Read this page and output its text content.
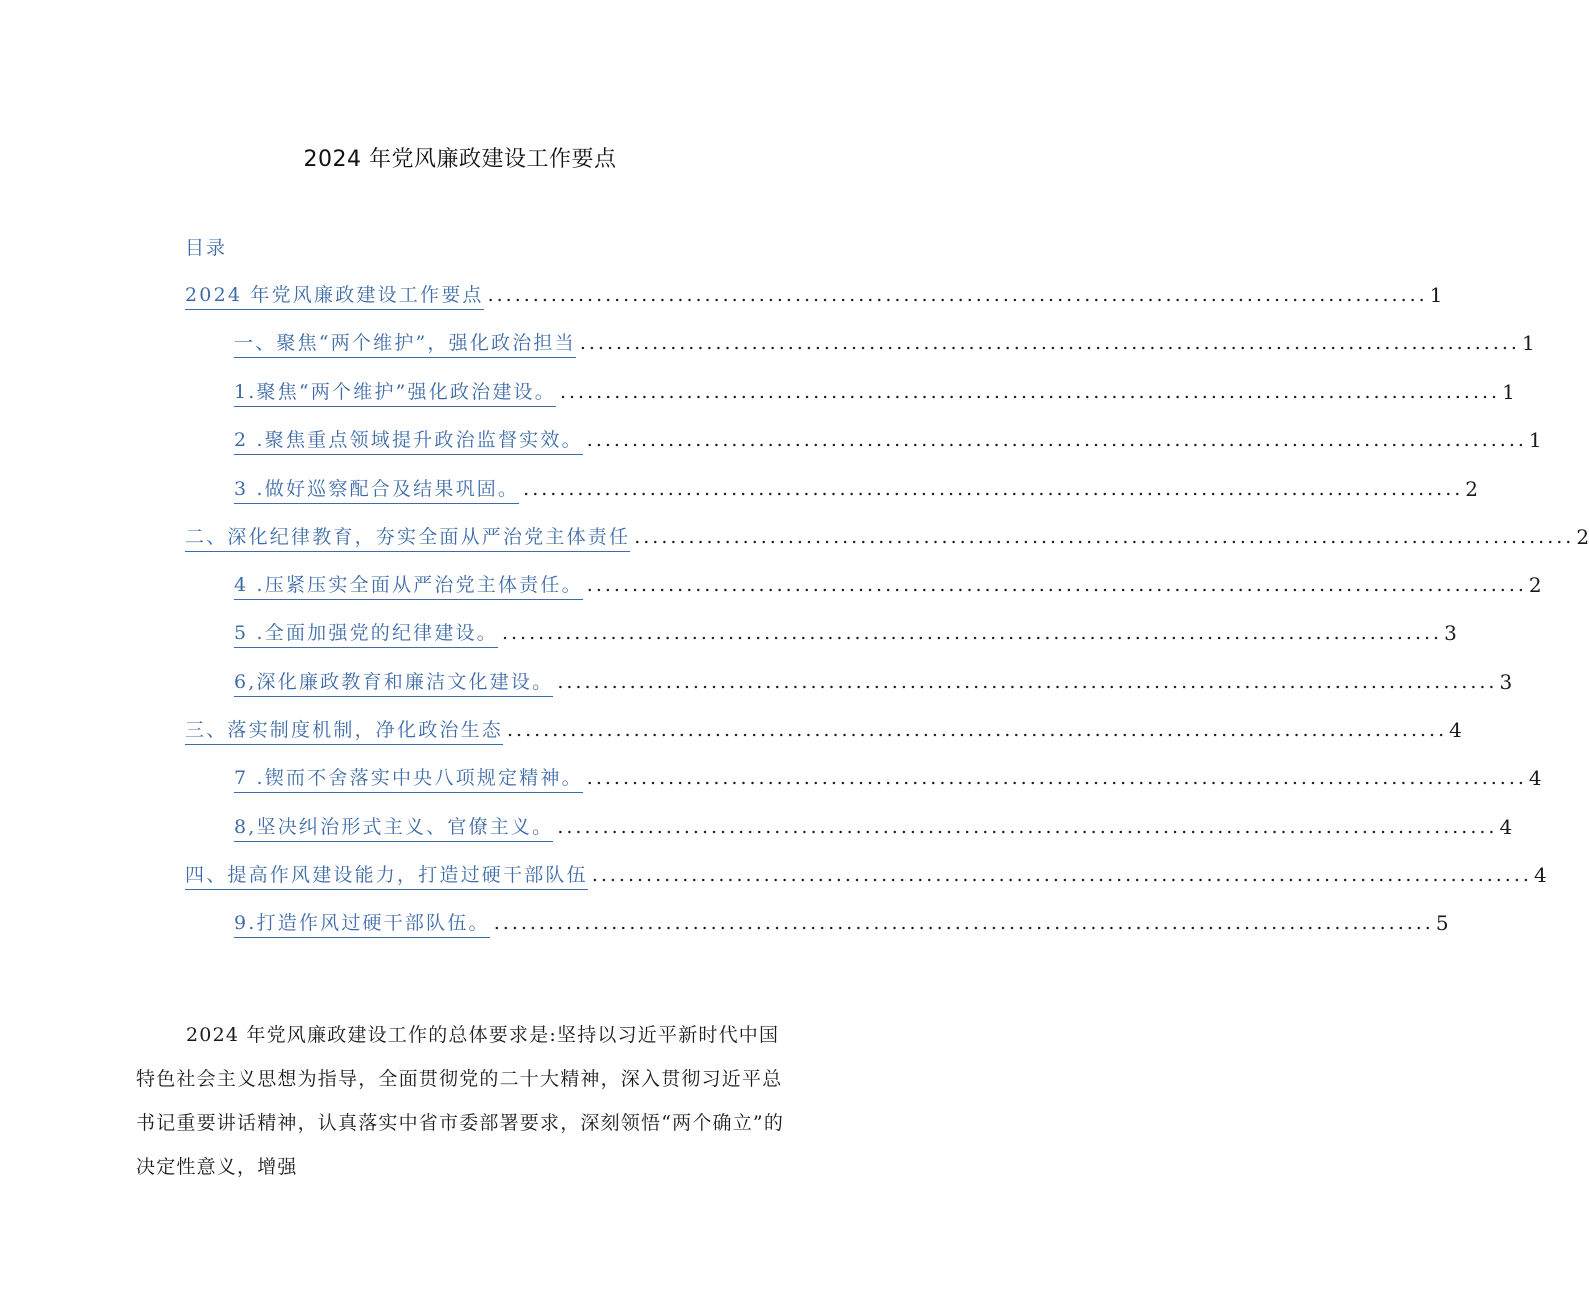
2024 年党风廉政建设工作要点
目录
2024 年党风廉政建设工作要点 ........................................................................................................ 1
一、聚焦“两个维护”，强化政治担当 ........................................................................................................ 1
1.聚焦“两个维护”强化政治建设。 ........................................................................................................ 1
2 .聚焦重点领域提升政治监督实效。 ........................................................................................................ 1
3 .做好巡察配合及结果巩固。 ........................................................................................................ 2
二、深化纪律教育，夯实全面从严治党主体责任 ........................................................................................................ 2
4 .压紧压实全面从严治党主体责任。 ........................................................................................................ 2
5 .全面加强党的纪律建设。 ........................................................................................................ 3
6,深化廉政教育和廉洁文化建设。 ........................................................................................................ 3
三、落实制度机制，净化政治生态 ........................................................................................................ 4
7 .锲而不舍落实中央八项规定精神。 ........................................................................................................ 4
8,坚决纠治形式主义、官僚主义。 ........................................................................................................ 4
四、提高作风建设能力，打造过硬干部队伍 ........................................................................................................ 4
9.打造作风过硬干部队伍。 ........................................................................................................ 5

2024 年党风廉政建设工作的总体要求是:坚持以习近平新时代中国特色社会主义思想为指导，全面贯彻党的二十大精神，深入贯彻习近平总书记重要讲话精神，认真落实中省市委部署要求，深刻领悟“两个确立”的决定性意义，增强
